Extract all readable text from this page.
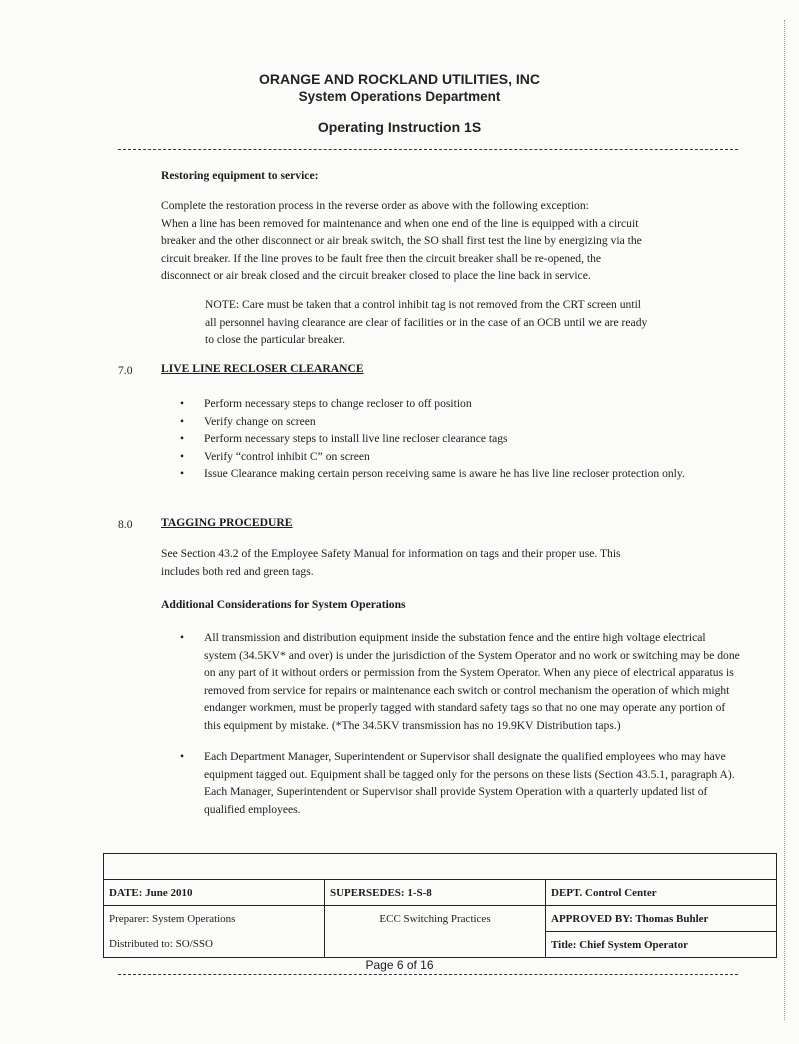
ORANGE AND ROCKLAND UTILITIES, INC
System Operations Department
Operating Instruction 1S
Restoring equipment to service:
Complete the restoration process in the reverse order as above with the following exception:
When a line has been removed for maintenance and when one end of the line is equipped with a circuit
breaker and the other disconnect or air break switch, the SO shall first test the line by energizing via the
circuit breaker. If the line proves to be fault free then the circuit breaker shall be re-opened, the
disconnect or air break closed and the circuit breaker closed to place the line back in service.
NOTE: Care must be taken that a control inhibit tag is not removed from the CRT screen until
all personnel having clearance are clear of facilities or in the case of an OCB until we are ready
to close the particular breaker.
7.0 LIVE LINE RECLOSER CLEARANCE
• Perform necessary steps to change recloser to off position
• Verify change on screen
• Perform necessary steps to install live line recloser clearance tags
• Verify “control inhibit C” on screen
• Issue Clearance making certain person receiving same is aware he has live line recloser protection only.
8.0 TAGGING PROCEDURE
See Section 43.2 of the Employee Safety Manual for information on tags and their proper use. This
includes both red and green tags.
Additional Considerations for System Operations
• All transmission and distribution equipment inside the substation fence and the entire high voltage electrical system (34.5KV* and over) is under the jurisdiction of the System Operator and no work or switching may be done on any part of it without orders or permission from the System Operator. When any piece of electrical apparatus is removed from service for repairs or maintenance each switch or control mechanism the operation of which might endanger workmen, must be properly tagged with standard safety tags so that no one may operate any portion of this equipment by mistake. (*The 34.5KV transmission has no 19.9KV Distribution taps.)
• Each Department Manager, Superintendent or Supervisor shall designate the qualified employees who may have equipment tagged out. Equipment shall be tagged only for the persons on these lists (Section 43.5.1, paragraph A). Each Manager, Superintendent or Supervisor shall provide System Operation with a quarterly updated list of qualified employees.

DATE: June 2010	SUPERSEDES: 1-S-8	DEPT. Control Center
Preparer: System Operations	ECC Switching Practices	APPROVED BY: Thomas Buhler
Distributed to: SO/SSO		Title: Chief System Operator
Page 6 of 16
